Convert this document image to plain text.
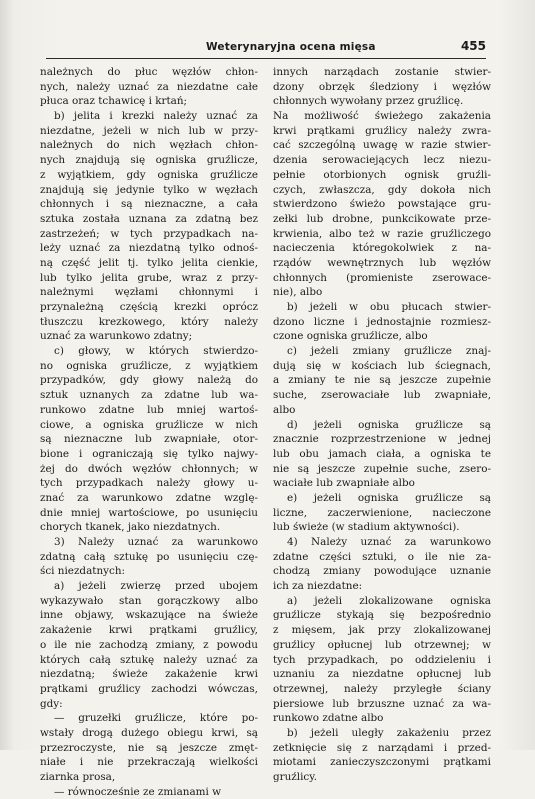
Weterynaryjna ocena mięsa	455
należnych do płuc węzłów chłon-
nych, należy uznać za niezdatne całe
płuca oraz tchawicę i krtań;
b) jelita i krezki należy uznać za
niezdatne, jeżeli w nich lub w przy-
należnych do nich węzłach chłon-
nych znajdują się ogniska gruźlicze,
z wyjątkiem, gdy ogniska gruźlicze
znajdują się jedynie tylko w węzłach
chłonnych i są nieznaczne, a cała
sztuka została uznana za zdatną bez
zastrzeżeń; w tych przypadkach na-
leży uznać za niezdatną tylko odnoś-
ną część jelit tj. tylko jelita cienkie,
lub tylko jelita grube, wraz z przy-
należnymi węzłami chłonnymi i
przynależną częścią krezki oprócz
tłuszczu krezkowego, który należy
uznać za warunkowo zdatny;
c) głowy, w których stwierdzo-
no ogniska gruźlicze, z wyjątkiem
przypadków, gdy głowy należą do
sztuk uznanych za zdatne lub wa-
runkowo zdatne lub mniej wartoś-
ciowe, a ogniska gruźlicze w nich
są nieznaczne lub zwapniałe, otor-
bione i ograniczają się tylko najwy-
żej do dwóch węzłów chłonnych; w
tych przypadkach należy głowy u-
znać za warunkowo zdatne wzglę-
dnie mniej wartościowe, po usunięciu
chorych tkanek, jako niezdatnych.
3) Należy uznać za warunkowo
zdatną całą sztukę po usunięciu czę-
ści niezdatnych:
a) jeżeli zwierzę przed ubojem
wykazywało stan gorączkowy albo
inne objawy, wskazujące na świeże
zakażenie krwi prątkami gruźlicy,
o ile nie zachodzą zmiany, z powodu
których całą sztukę należy uznać za
niezdatną; świeże zakażenie krwi
prątkami gruźlicy zachodzi wówczas,
gdy:
— gruzełki gruźlicze, które po-
wstały drogą dużego obiegu krwi, są
przezroczyste, nie są jeszcze zmęt-
niałe i nie przekraczają wielkości
ziarnka prosa,
— równocześnie ze zmianami w
innych narządach zostanie stwier-
dzony obrzęk śledziony i węzłów
chłonnych wywołany przez gruźlicę.
Na możliwość świeżego zakażenia
krwi prątkami gruźlicy należy zwra-
cać szczególną uwagę w razie stwier-
dzenia serowaciejących lecz niezu-
pełnie otorbionych ognisk gruźli-
czych, zwłaszcza, gdy dokoła nich
stwierdzono świeżo powstające gru-
zełki lub drobne, punkcikowate prze-
krwienia, albo też w razie gruźliczego
nacieczenia któregokolwiek z na-
rządów wewnętrznych lub węzłów
chłonnych (promieniste zserowace-
nie), albo
b) jeżeli w obu płucach stwier-
dzono liczne i jednostajnie rozmiesz-
czone ogniska gruźlicze, albo
c) jeżeli zmiany gruźlicze znaj-
dują się w kościach lub ściegnach,
a zmiany te nie są jeszcze zupełnie
suche, zserowaciałe lub zwapniałe,
albo
d) jeżeli ogniska gruźlicze są
znacznie rozprzestrzenione w jednej
lub obu jamach ciała, a ogniska te
nie są jeszcze zupełnie suche, zsero-
waciałe lub zwapniałe albo
e) jeżeli ogniska gruźlicze są
liczne, zaczerwienione, nacieczone
lub świeże (w stadium aktywności).
4) Należy uznać za warunkowo
zdatne części sztuki, o ile nie za-
chodzą zmiany powodujące uznanie
ich za niezdatne:
a) jeżeli zlokalizowane ogniska
gruźlicze stykają się bezpośrednio
z mięsem, jak przy zlokalizowanej
gruźlicy opłucnej lub otrzewnej; w
tych przypadkach, po oddzieleniu i
uznaniu za niezdatne opłucnej lub
otrzewnej, należy przyległe ściany
piersiowe lub brzuszne uznać za wa-
runkowo zdatne albo
b) jeżeli uległy zakażeniu przez
zetknięcie się z narządami i przed-
miotami zanieczyszczonymi prątkami
gruźlicy.
